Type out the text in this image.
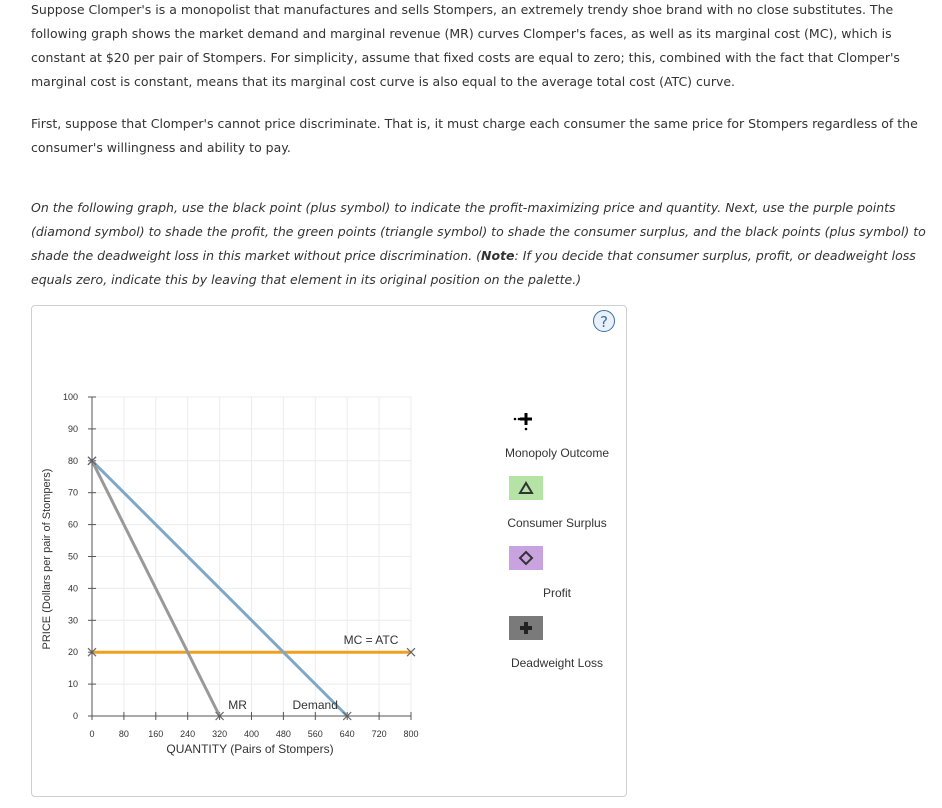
Suppose Clomper's is a monopolist that manufactures and sells Stompers, an extremely trendy shoe brand with no close substitutes. The following graph shows the market demand and marginal revenue (MR) curves Clomper's faces, as well as its marginal cost (MC), which is constant at $20 per pair of Stompers. For simplicity, assume that fixed costs are equal to zero; this, combined with the fact that Clomper's marginal cost is constant, means that its marginal cost curve is also equal to the average total cost (ATC) curve.

First, suppose that Clomper's cannot price discriminate. That is, it must charge each consumer the same price for Stompers regardless of the consumer's willingness and ability to pay.

On the following graph, use the black point (plus symbol) to indicate the profit-maximizing price and quantity. Next, use the purple points (diamond symbol) to shade the profit, the green points (triangle symbol) to shade the consumer surplus, and the black points (plus symbol) to shade the deadweight loss in this market without price discrimination. (Note: If you decide that consumer surplus, profit, or deadweight loss equals zero, indicate this by leaving that element in its original position on the palette.)

0	80 160 240 320 400 480 560 640 720 800
0
10
20
30
40
50
60
70
80
90
100
MC = ATC
Demand
MR
QUANTITY (Pairs of Stompers)
PRICE (Dollars per pair of Stompers)
Monopoly Outcome
Consumer Surplus
Profit
Deadweight Loss
?
